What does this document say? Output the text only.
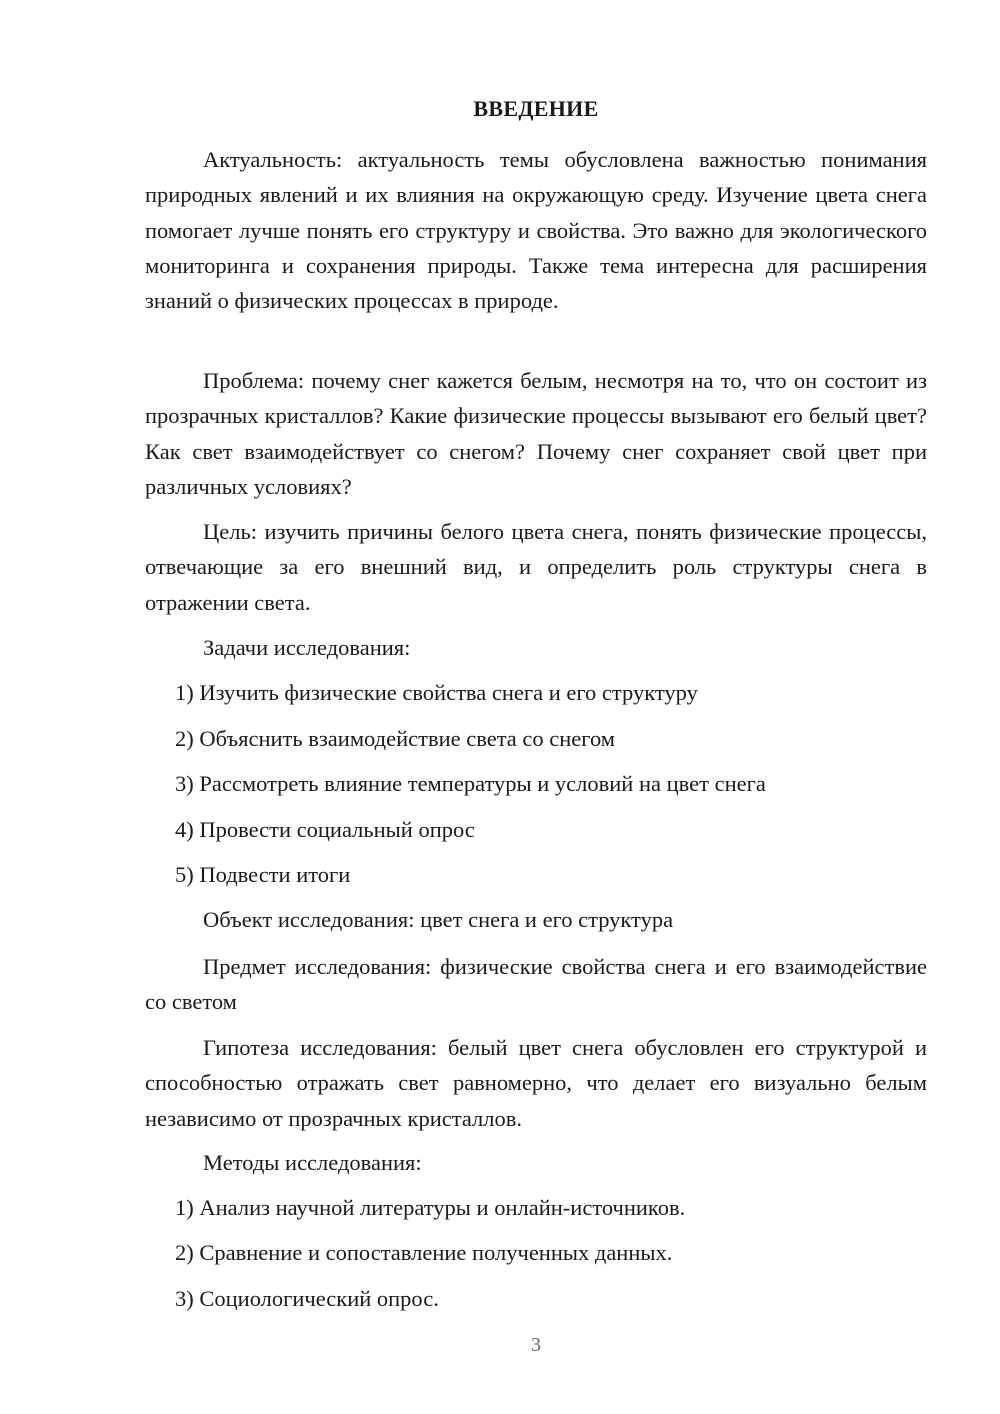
ВВЕДЕНИЕ
Актуальность: актуальность темы обусловлена важностью понимания природных явлений и их влияния на окружающую среду. Изучение цвета снега помогает лучше понять его структуру и свойства. Это важно для экологического мониторинга и сохранения природы. Также тема интересна для расширения знаний о физических процессах в природе.
Проблема: почему снег кажется белым, несмотря на то, что он состоит из прозрачных кристаллов? Какие физические процессы вызывают его белый цвет? Как свет взаимодействует со снегом? Почему снег сохраняет свой цвет при различных условиях?
Цель: изучить причины белого цвета снега, понять физические процессы, отвечающие за его внешний вид, и определить роль структуры снега в отражении света.
Задачи исследования:
1) Изучить физические свойства снега и его структуру
2) Объяснить взаимодействие света со снегом
3) Рассмотреть влияние температуры и условий на цвет снега
4) Провести социальный опрос
5) Подвести итоги
Объект исследования: цвет снега и его структура
Предмет исследования: физические свойства снега и его взаимодействие со светом
Гипотеза исследования: белый цвет снега обусловлен его структурой и способностью отражать свет равномерно, что делает его визуально белым независимо от прозрачных кристаллов.
Методы исследования:
1) Анализ научной литературы и онлайн-источников.
2) Сравнение и сопоставление полученных данных.
3) Социологический опрос.
3
